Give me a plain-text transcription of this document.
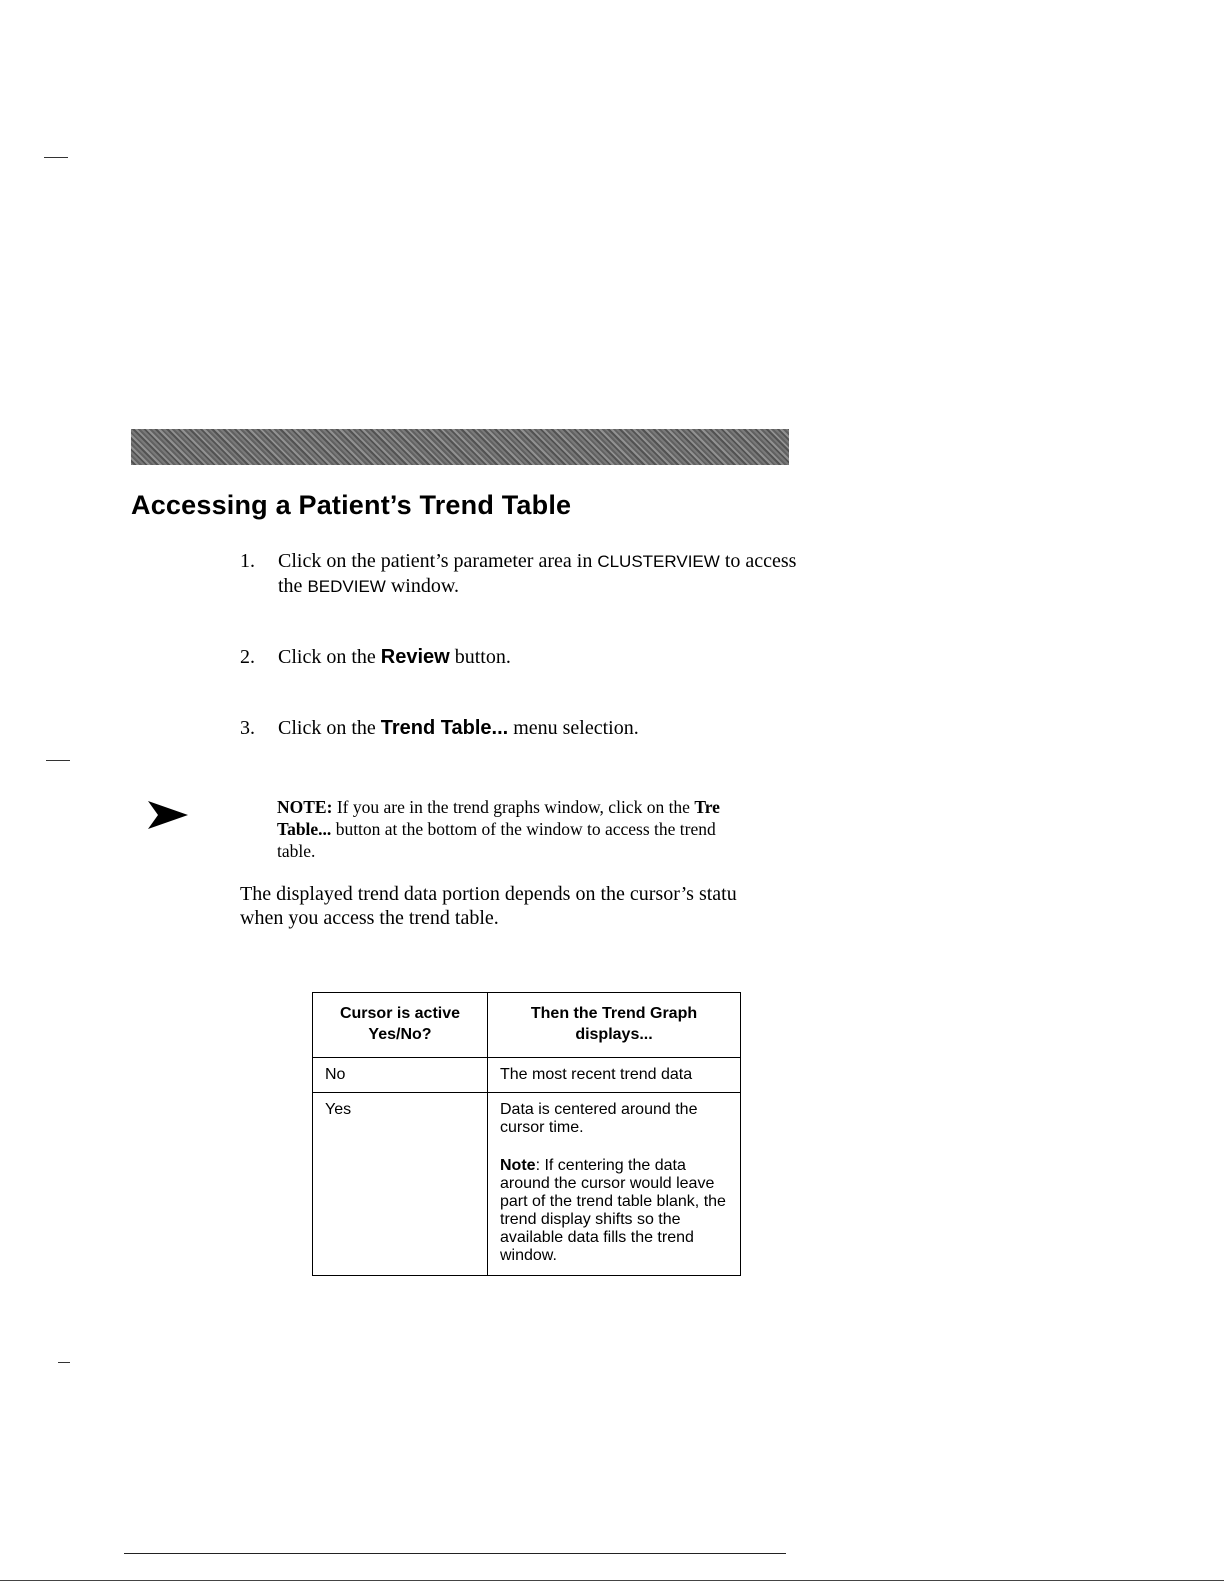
Accessing a Patient’s Trend Table
1. Click on the patient’s parameter area in CLUSTERVIEW to access the BEDVIEW window.
2. Click on the Review button.
3. Click on the Trend Table... menu selection.
NOTE: If you are in the trend graphs window, click on the Tre
Table... button at the bottom of the window to access the trend
table.
The displayed trend data portion depends on the cursor’s statu
when you access the trend table.
Cursor is active Yes/No?	Then the Trend Graph displays...
No	The most recent trend data
Yes	Data is centered around the cursor time.
Note: If centering the data around the cursor would leave part of the trend table blank, the trend display shifts so the available data fills the trend window.
